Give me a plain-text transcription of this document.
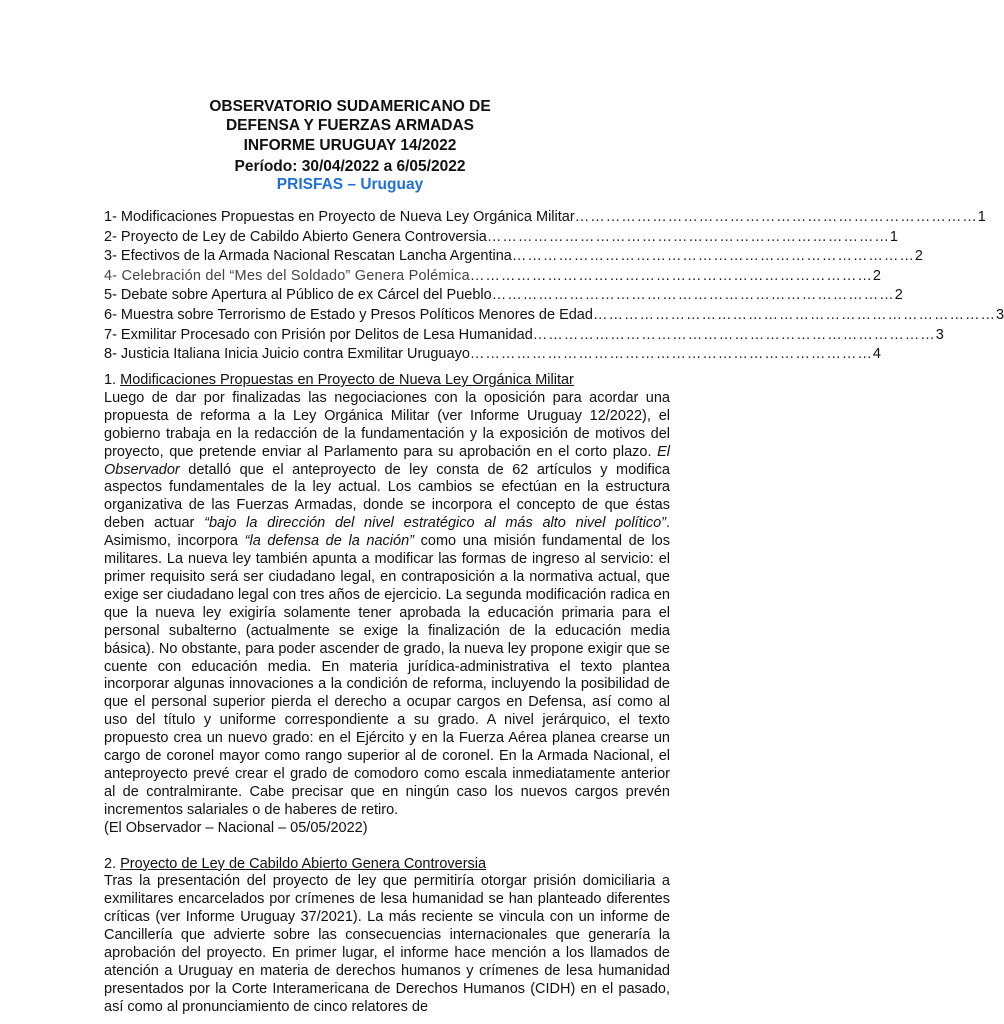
OBSERVATORIO SUDAMERICANO DE
DEFENSA Y FUERZAS ARMADAS
INFORME URUGUAY 14/2022
Período: 30/04/2022 a 6/05/2022
PRISFAS – Uruguay
1- Modificaciones Propuestas en Proyecto de Nueva Ley Orgánica Militar …………………………………………………………………… 1
2- Proyecto de Ley de Cabildo Abierto Genera Controversia …………………………………………………………………… 1
3- Efectivos de la Armada Nacional Rescatan Lancha Argentina …………………………………………………………………… 2
4- Celebración del “Mes del Soldado” Genera Polémica …………………………………………………………………… 2
5- Debate sobre Apertura al Público de ex Cárcel del Pueblo …………………………………………………………………… 2
6- Muestra sobre Terrorismo de Estado y Presos Políticos Menores de Edad …………………………………………………………………… 3
7- Exmilitar Procesado con Prisión por Delitos de Lesa Humanidad …………………………………………………………………… 3
8- Justicia Italiana Inicia Juicio contra Exmilitar Uruguayo …………………………………………………………………… 4
1. Modificaciones Propuestas en Proyecto de Nueva Ley Orgánica Militar
Luego de dar por finalizadas las negociaciones con la oposición para acordar una propuesta de reforma a la Ley Orgánica Militar (ver Informe Uruguay 12/2022), el gobierno trabaja en la redacción de la fundamentación y la exposición de motivos del proyecto, que pretende enviar al Parlamento para su aprobación en el corto plazo. El Observador detalló que el anteproyecto de ley consta de 62 artículos y modifica aspectos fundamentales de la ley actual. Los cambios se efectúan en la estructura organizativa de las Fuerzas Armadas, donde se incorpora el concepto de que éstas deben actuar “bajo la dirección del nivel estratégico al más alto nivel político”. Asimismo, incorpora “la defensa de la nación” como una misión fundamental de los militares. La nueva ley también apunta a modificar las formas de ingreso al servicio: el primer requisito será ser ciudadano legal, en contraposición a la normativa actual, que exige ser ciudadano legal con tres años de ejercicio. La segunda modificación radica en que la nueva ley exigiría solamente tener aprobada la educación primaria para el personal subalterno (actualmente se exige la finalización de la educación media básica). No obstante, para poder ascender de grado, la nueva ley propone exigir que se cuente con educación media. En materia jurídica-administrativa el texto plantea incorporar algunas innovaciones a la condición de reforma, incluyendo la posibilidad de que el personal superior pierda el derecho a ocupar cargos en Defensa, así como al uso del título y uniforme correspondiente a su grado. A nivel jerárquico, el texto propuesto crea un nuevo grado: en el Ejército y en la Fuerza Aérea planea crearse un cargo de coronel mayor como rango superior al de coronel. En la Armada Nacional, el anteproyecto prevé crear el grado de comodoro como escala inmediatamente anterior al de contralmirante. Cabe precisar que en ningún caso los nuevos cargos prevén incrementos salariales o de haberes de retiro.
(El Observador – Nacional – 05/05/2022)
2. Proyecto de Ley de Cabildo Abierto Genera Controversia
Tras la presentación del proyecto de ley que permitiría otorgar prisión domiciliaria a exmilitares encarcelados por crímenes de lesa humanidad se han planteado diferentes críticas (ver Informe Uruguay 37/2021). La más reciente se vincula con un informe de Cancillería que advierte sobre las consecuencias internacionales que generaría la aprobación del proyecto. En primer lugar, el informe hace mención a los llamados de atención a Uruguay en materia de derechos humanos y crímenes de lesa humanidad presentados por la Corte Interamericana de Derechos Humanos (CIDH) en el pasado, así como al pronunciamiento de cinco relatores de
